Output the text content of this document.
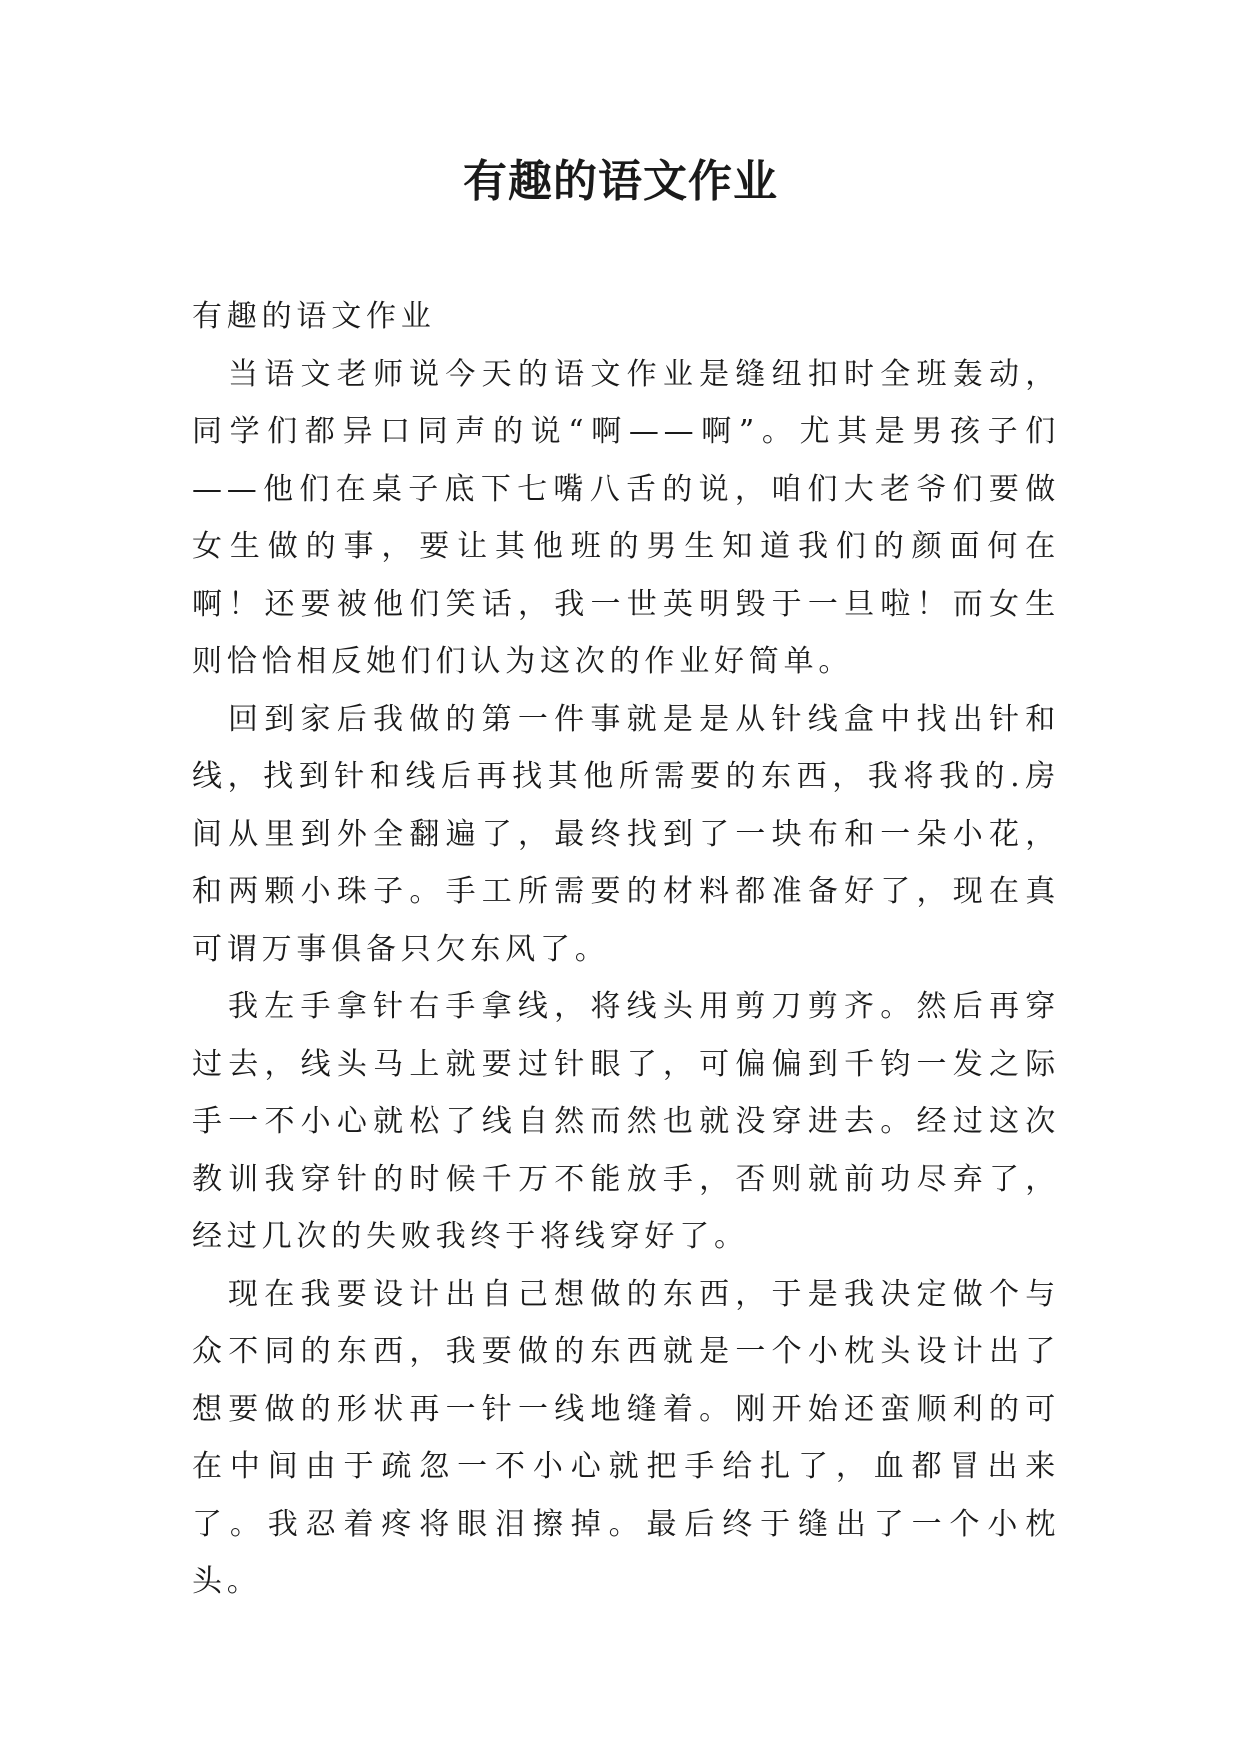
有趣的语文作业

有趣的语文作业

当语文老师说今天的语文作业是缝纽扣时全班轰动，同学们都异口同声的说“啊——啊”。尤其是男孩子们——他们在桌子底下七嘴八舌的说，咱们大老爷们要做女生做的事，要让其他班的男生知道我们的颜面何在啊！还要被他们笑话，我一世英明毁于一旦啦！而女生则恰恰相反她们们认为这次的作业好简单。

回到家后我做的第一件事就是是从针线盒中找出针和线，找到针和线后再找其他所需要的东西，我将我的.房间从里到外全翻遍了，最终找到了一块布和一朵小花，和两颗小珠子。手工所需要的材料都准备好了，现在真可谓万事俱备只欠东风了。

我左手拿针右手拿线，将线头用剪刀剪齐。然后再穿过去，线头马上就要过针眼了，可偏偏到千钧一发之际手一不小心就松了线自然而然也就没穿进去。经过这次教训我穿针的时候千万不能放手，否则就前功尽弃了，经过几次的失败我终于将线穿好了。

现在我要设计出自己想做的东西，于是我决定做个与众不同的东西，我要做的东西就是一个小枕头设计出了想要做的形状再一针一线地缝着。刚开始还蛮顺利的可在中间由于疏忽一不小心就把手给扎了，血都冒出来了。我忍着疼将眼泪擦掉。最后终于缝出了一个小枕头。
